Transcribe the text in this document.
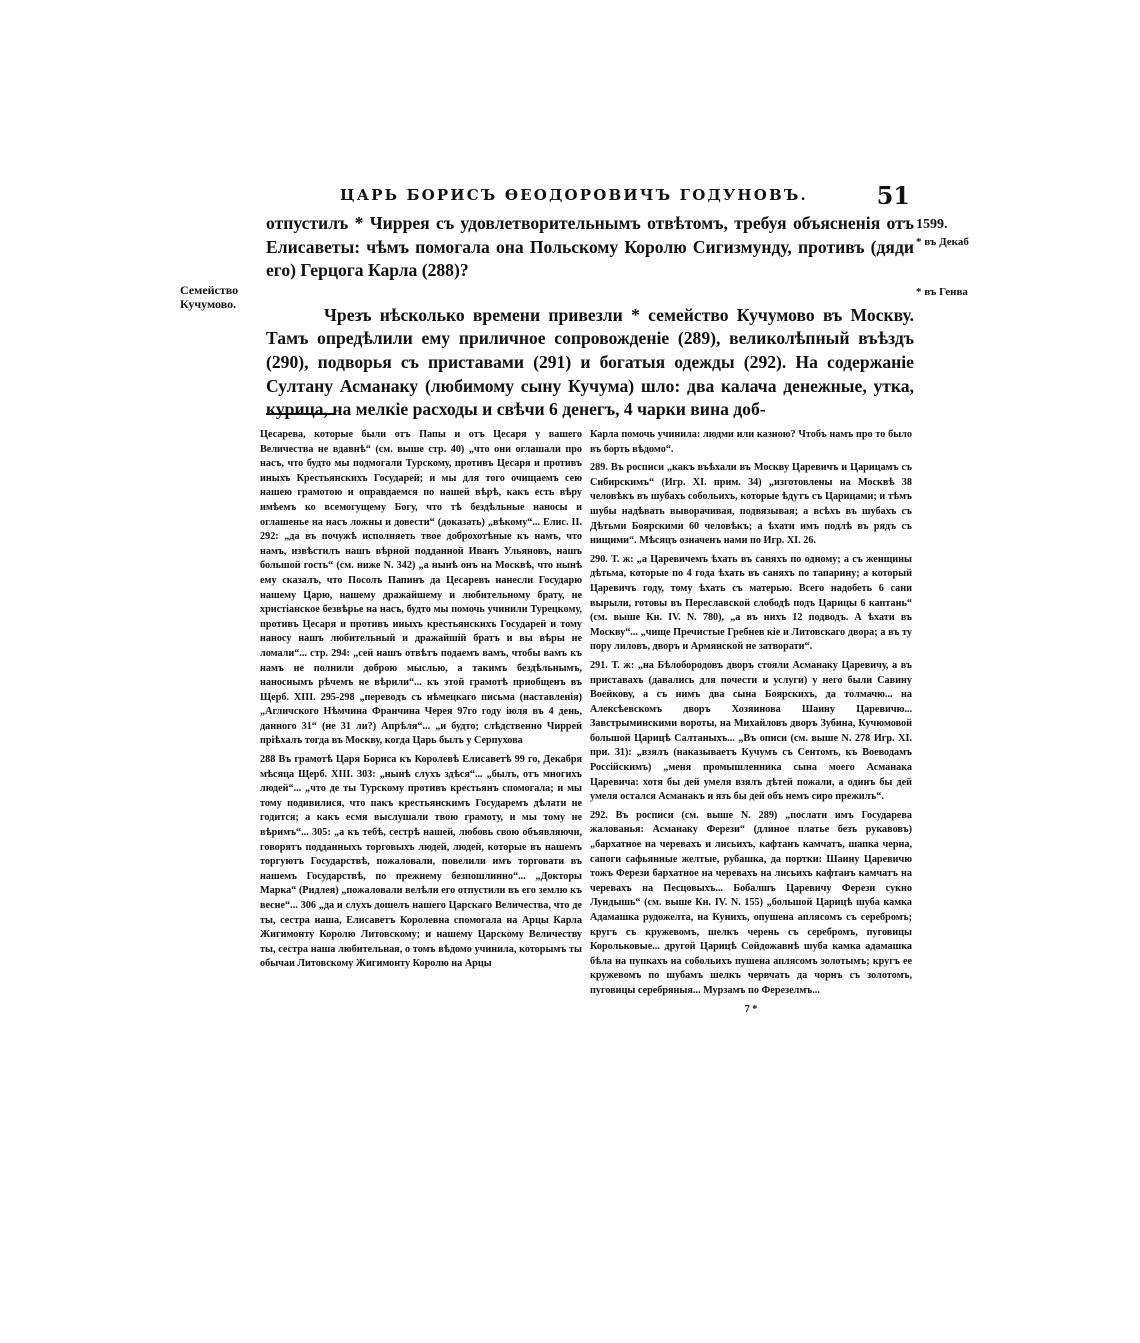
ЦАРЬ БОРИСЪ ѲЕОДОРОВИЧЪ ГОДУНОВЪ.	51

отпустилъ * Чиррея съ удовлетворительнымъ отвѣтомъ, требуя объясненія отъ Елисаветы: чѣмъ помогала она Польскому Королю Сигизмунду, противъ (дяди его) Герцога Карла (288)?

Чрезъ нѣсколько времени привезли * семейство Кучумово въ Москву. Тамъ опредѣлили ему приличное сопровожденіе (289), великолѣпный въѣздъ (290), подворья съ приставами (291) и богатыя одежды (292). На содержаніе Султану Асманаку (любимому сыну Кучума) шло: два калача денежные, утка, курица, на мелкіе расходы и свѣчи 6 денегъ, 4 чарки вина доб-

Семейство Кучумово.
1599.
* въ Декаб
* въ Генва

Цесарева, которые были отъ Папы и отъ Цесаря у вашего Величества не вдавнѣ“ (см. выше стр. 40) „что они оглашали про насъ, что будто мы подмогали Турскому, противъ Цесаря и противъ иныхъ Крестьянскихъ Государей; и мы для того очищаемъ сею нашею грамотою и оправдаемся по нашей вѣрѣ, какъ есть вѣру имѣемъ ко всемогущему Богу, что тѣ бездѣльные наносы и оглашенье на насъ ложны и довести“ (доказать) „вѣкому“... Елис. II. 292: „да въ почужѣ исполняеть твое доброхотѣные къ намъ, что намъ, извѣстилъ нашъ вѣрной подданной Иванъ Ульяновъ, нашъ большой гость“ (см. ниже N. 342) „а нынѣ онъ на Москвѣ, что нынѣ ему сказалъ, что Посолъ Папинъ да Цесаревъ нанесли Государю нашему Царю, нашему дражайшему и любительному брату, не христіанское безвѣрье на насъ, будто мы помочь учинили Турецкому, противъ Цесаря и противъ иныхъ крестьянскихъ Государей и тому наносу нашъ любительный и дражайшій братъ и вы вѣры не ломали“... стр. 294: „сей нашъ отвѣтъ подаемъ вамъ, чтобы вамъ къ намъ не полнили доброю мыслью, а такимъ бездѣльнымъ, наноснымъ рѣчемъ не вѣрили“... къ этой грамотѣ приобщенъ въ Щерб. XIII. 295-298 „переводъ съ нѣмецкаго письма (наставленія) „Агличского Нѣмчина Франчина Черея 97го году іюля въ 4 день, данного 31“ (не 31 ли?) Апрѣля“... „и будто; слѣдственно Чиррей пріѣхалъ тогда въ Москву, когда Царь былъ у Серпухова

288 Въ грамотѣ Царя Бориса къ Королевѣ Елисаветѣ 99 го, Декабря мѣсяца Щерб. XIII. 303: „нынѣ слухъ здѣся“... „былъ, отъ многихъ людей“... „что де ты Турскому противъ крестьянъ спомогала; и мы тому подивилися, что пакъ крестьянскимъ Государемъ дѣлати не годится; а какъ есмя выслушали твою грамоту, и мы тому не вѣримъ“... 305: „а къ тебѣ, сестрѣ нашей, любовь свою объявляючи, говорятъ подданныхъ торговыхъ людей, людей, которые въ нашемъ торгуютъ Государствѣ, пожаловали, повелили имъ торговати въ нашемъ Государствѣ, по прежнему безпошлинно“... „Докторы Марка“ (Ридлея) „пожаловали велѣли его отпустили въ его землю къ весне“... 306 „да и слухъ дошелъ нашего Царскаго Величества, что де ты, сестра наша, Елисаветъ Королевна спомогала на Арцы Карла Жигимонту Королю Литовскому; и нашему Царскому Величеству ты, сестра наша любительная, о томъ вѣдомо учинила, которымъ ты обычаи Литовскому Жигимонту Королю на Арцы

Карла помочь учинила: людми или казною? Чтобъ намъ про то было въ борть вѣдомо“.

289. Въ росписи „какъ въѣхали въ Москву Царевичъ и Царицамъ съ Сибирскимъ“ (Игр. XI. прим. 34) „изготовлены на Москвѣ 38 человѣкъ въ шубахъ собольихъ, которые ѣдутъ съ Царицами; и тѣмъ шубы надѣвать выворачивая, подвязывая; а всѣхъ въ шубахъ съ Дѣтьми Боярскими 60 человѣкъ; а ѣхати имъ подлѣ въ рядъ съ нищими“. Мѣсяцъ означенъ нами по Игр. XI. 26.

290. Т. ж: „а Царевичемъ ѣхать въ саняхъ по одному; а съ женщины дѣтьма, которые по 4 года ѣхать въ саняхъ по тапарину; а который Царевичъ году, тому ѣхать съ матерью. Всего надобеть 6 сани вырыли, готовы въ Переславской слободѣ подъ Царицы 6 каптань“ (см. выше Кн. IV. N. 780), „а въ нихъ 12 подводъ. А ѣхати въ Москву“... „чище Пречистые Гребнев кіе и Литовскаго двора; а въ ту пору лиловъ, дворъ и Армянской не затворати“.

291. Т. ж: „на Бѣлобородовъ дворъ стояли Асманаку Царевичу, а въ приставахъ (давались для почести и услуги) у него были Савину Воейкову, а съ нимъ два сына Боярскихъ, да толмачю... на Алексѣевскомъ дворъ Хозяинова Шаину Царевичю... Завстрыминскими вороты, на Михайловъ дворъ Зубина, Кучюмовой большой Царицѣ Салтаныхъ... „Въ описи (см. выше N. 278 Игр. XI. при. 31): „взялъ (наказываетъ Кучумъ съ Сентомъ, къ Воеводамъ Россійскимъ) „меня промышленника сына моего Асманака Царевича: хотя бы дей умеля взялъ дѣтей пожали, а одинъ бы дей умеля остался Асманакъ и язъ бы дей объ немъ сиро прежилъ“.

292. Въ росписи (см. выше N. 289) „послати имъ Государева жалованья: Асманаку Ферези“ (длиное платье безъ рукавовъ) „бархатное на черевахъ и лисьихъ, кафтанъ камчатъ, шапка черна, сапоги сафьянные желтые, рубашка, да портки: Шаину Царевичю тожъ Ферези бархатное на черевахъ на лисьихъ кафтанъ камчатъ на черевахъ на Песцовыхъ... Бобалшъ Царевичу Ферези сукно Лундышь“ (см. выше Кн. IV. N. 155) „большой Царицѣ шуба камка Адамашка рудожелта, на Кунихъ, опушена аплясомъ съ серебромъ; кругъ съ кружевомъ, шелкъ черень съ серебромъ, пуговицы Корольковые... другой Царицѣ Сойдожавнѣ шуба камка адамашка бѣла на пупкахъ на собольихъ пушена аплясомъ золотымъ; кругъ ее кружевомъ по шубамъ шелкъ червчать да чорнъ съ золотомъ, пуговицы серебряныя... Мурзамъ по Ферезелмъ...

7 *
